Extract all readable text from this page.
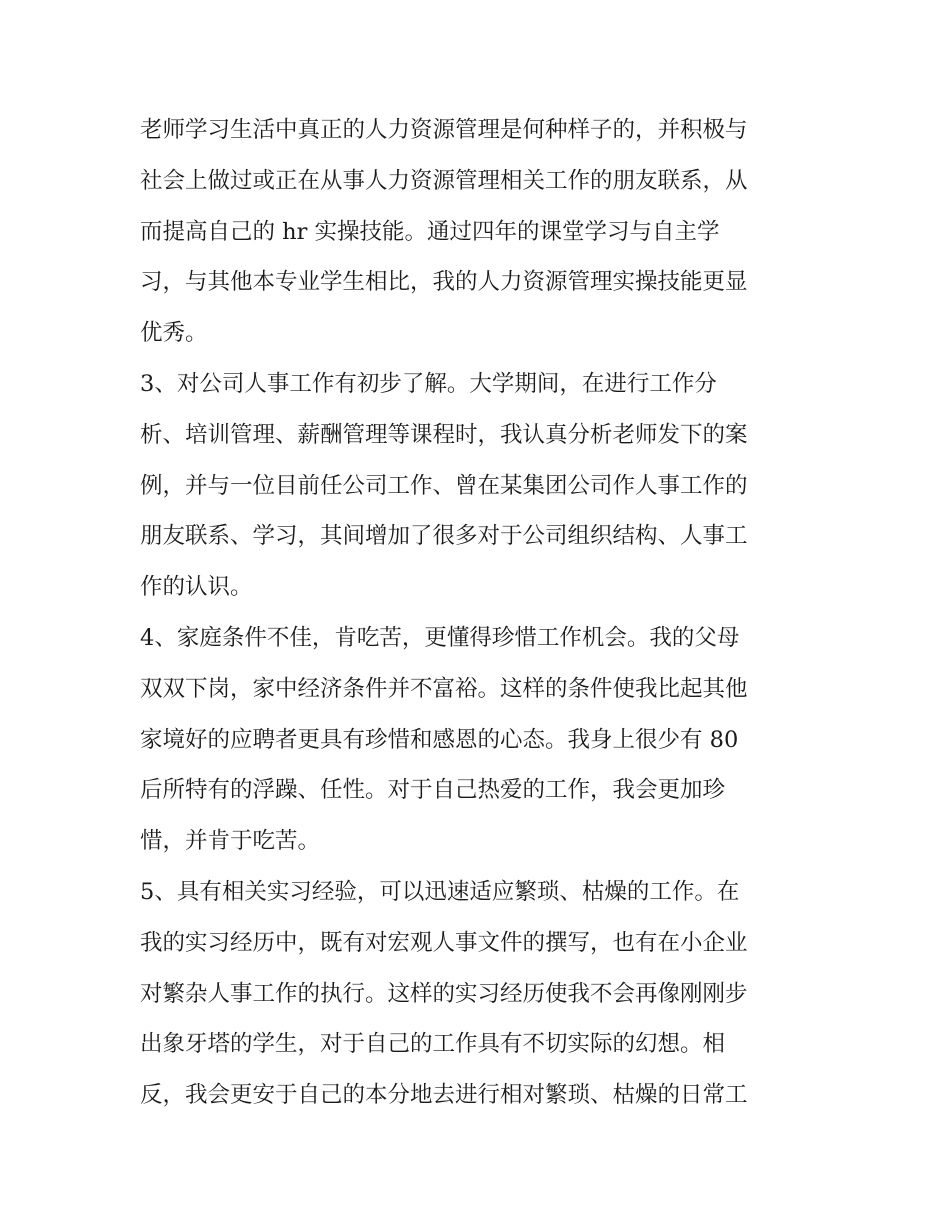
老师学习生活中真正的人力资源管理是何种样子的，并积极与
社会上做过或正在从事人力资源管理相关工作的朋友联系，从
而提高自己的 hr 实操技能。通过四年的课堂学习与自主学
习，与其他本专业学生相比，我的人力资源管理实操技能更显
优秀。
3、对公司人事工作有初步了解。大学期间，在进行工作分
析、培训管理、薪酬管理等课程时，我认真分析老师发下的案
例，并与一位目前任公司工作、曾在某集团公司作人事工作的
朋友联系、学习，其间增加了很多对于公司组织结构、人事工
作的认识。
4、家庭条件不佳，肯吃苦，更懂得珍惜工作机会。我的父母
双双下岗，家中经济条件并不富裕。这样的条件使我比起其他
家境好的应聘者更具有珍惜和感恩的心态。我身上很少有 80
后所特有的浮躁、任性。对于自己热爱的工作，我会更加珍
惜，并肯于吃苦。
5、具有相关实习经验，可以迅速适应繁琐、枯燥的工作。在
我的实习经历中，既有对宏观人事文件的撰写，也有在小企业
对繁杂人事工作的执行。这样的实习经历使我不会再像刚刚步
出象牙塔的学生，对于自己的工作具有不切实际的幻想。相
反，我会更安于自己的本分地去进行相对繁琐、枯燥的日常工
